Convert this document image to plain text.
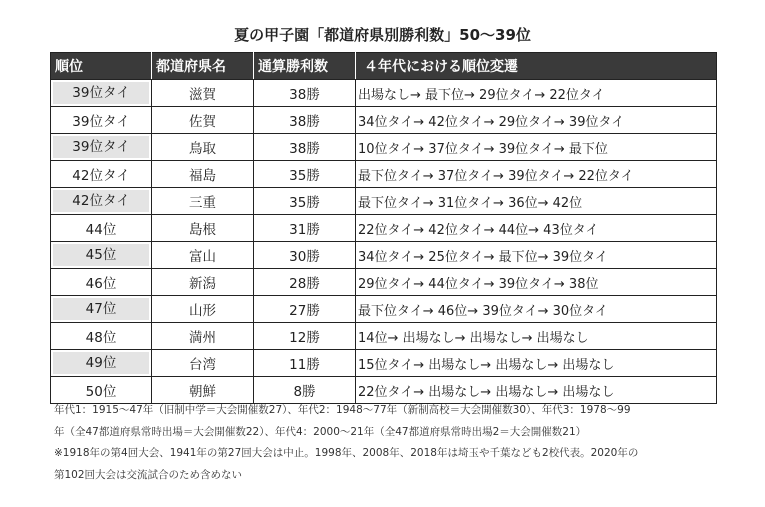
夏の甲子園「都道府県別勝利数」50〜39位
順位	都道府県名	通算勝利数	４年代における順位変遷

39位タイ	滋賀	38勝	出場なし→ 最下位→ 29位タイ→ 22位タイ
39位タイ	佐賀	38勝	34位タイ→ 42位タイ→ 29位タイ→ 39位タイ

39位タイ	鳥取	38勝	10位タイ→ 37位タイ→ 39位タイ→ 最下位
42位タイ	福島	35勝	最下位タイ→ 37位タイ→ 39位タイ→ 22位タイ

42位タイ	三重	35勝	最下位タイ→ 31位タイ→ 36位→ 42位
44位	島根	31勝	22位タイ→ 42位タイ→ 44位→ 43位タイ

45位	富山	30勝	34位タイ→ 25位タイ→ 最下位→ 39位タイ
46位	新潟	28勝	29位タイ→ 44位タイ→ 39位タイ→ 38位

47位	山形	27勝	最下位タイ→ 46位→ 39位タイ→ 30位タイ
48位	満州	12勝	14位→ 出場なし→ 出場なし→ 出場なし

49位	台湾	11勝	15位タイ→ 出場なし→ 出場なし→ 出場なし
50位	朝鮮	8勝	22位タイ→ 出場なし→ 出場なし→ 出場なし
年代1：1915〜47年（旧制中学＝大会開催数27）、年代2：1948〜77年（新制高校＝大会開催数30）、年代3：1978〜99
年（全47都道府県常時出場＝大会開催数22）、年代4：2000〜21年（全47都道府県常時出場2＝大会開催数21）
※1918年の第4回大会、1941年の第27回大会は中止。1998年、2008年、2018年は埼玉や千葉なども2校代表。2020年の
第102回大会は交流試合のため含めない
